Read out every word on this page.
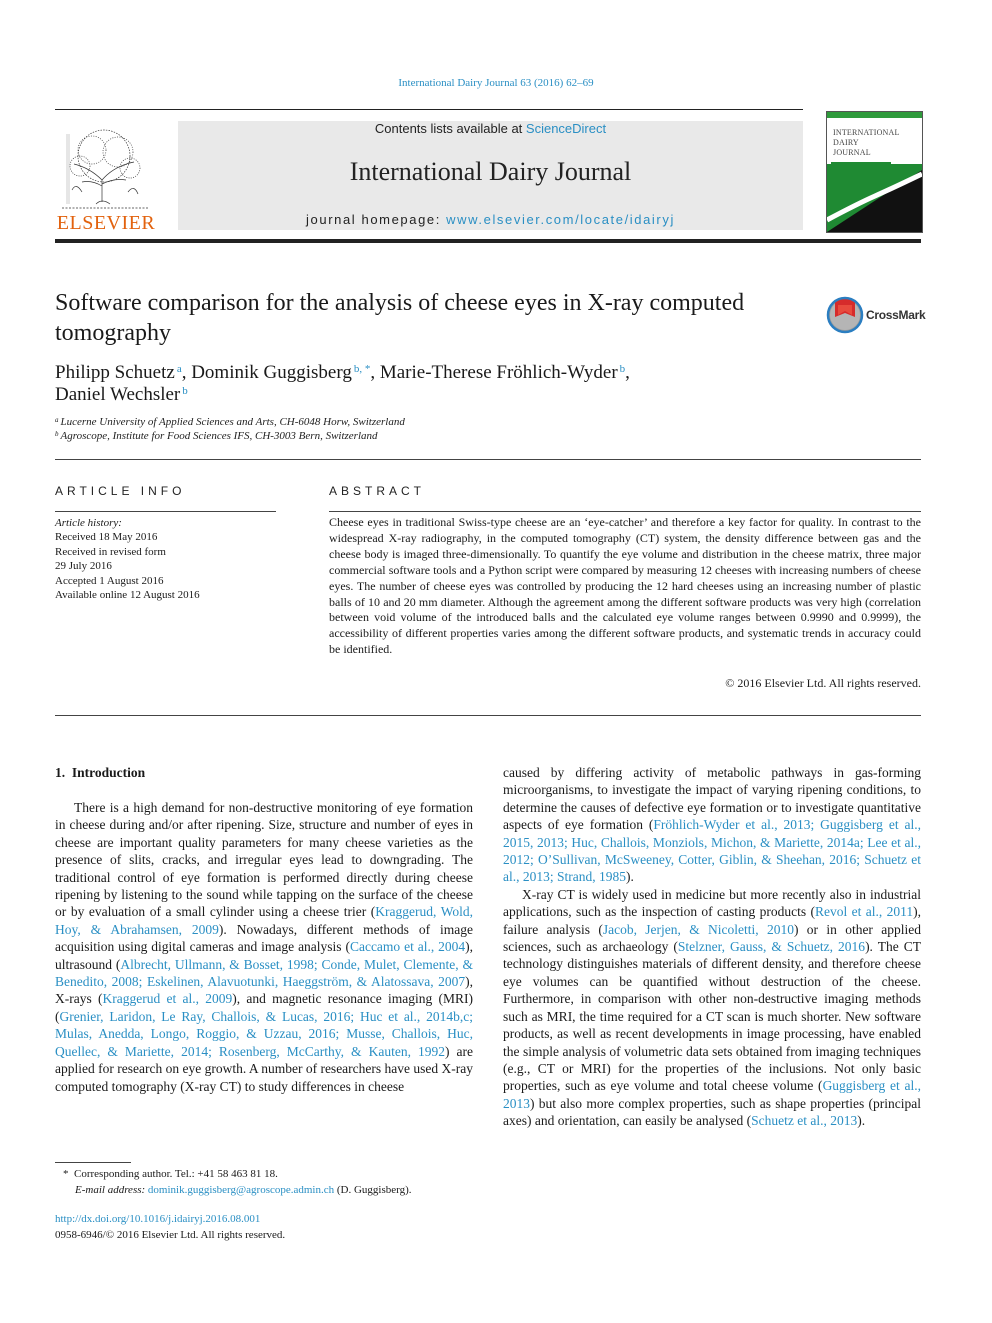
International Dairy Journal 63 (2016) 62–69
ELSEVIER
Contents lists available at ScienceDirect
International Dairy Journal
journal homepage: www.elsevier.com/locate/idairyj
INTERNATIONAL
DAIRY
JOURNAL
Software comparison for the analysis of cheese eyes in X-ray computed tomography
CrossMark
Philipp Schuetz $^a$, Dominik Guggisberg $^{b, *}$, Marie-Therese Fröhlich-Wyder $^b$,
Daniel Wechsler $^b$
$^a$ Lucerne University of Applied Sciences and Arts, CH-6048 Horw, Switzerland
$^b$ Agroscope, Institute for Food Sciences IFS, CH-3003 Bern, Switzerland
ARTICLE INFO
Article history:
Received 18 May 2016
Received in revised form
29 July 2016
Accepted 1 August 2016
Available online 12 August 2016
ABSTRACT
Cheese eyes in traditional Swiss-type cheese are an ‘eye-catcher’ and therefore a key factor for quality. In contrast to the widespread X-ray radiography, in the computed tomography (CT) system, the density difference between gas and the cheese body is imaged three-dimensionally. To quantify the eye volume and distribution in the cheese matrix, three major commercial software tools and a Python script were compared by measuring 12 cheeses with increasing numbers of cheese eyes. The number of cheese eyes was controlled by producing the 12 hard cheeses using an increasing number of plastic balls of 10 and 20 mm diameter. Although the agreement among the different software products was very high (correlation between void volume of the introduced balls and the calculated eye volume ranges between 0.9990 and 0.9999), the accessibility of different properties varies among the different software products, and systematic trends in accuracy could be identified.
© 2016 Elsevier Ltd. All rights reserved.
1. Introduction

There is a high demand for non-destructive monitoring of eye formation in cheese during and/or after ripening. Size, structure and number of eyes in cheese are important quality parameters for many cheese varieties as the presence of slits, cracks, and irregular eyes lead to downgrading. The traditional control of eye formation is performed directly during cheese ripening by listening to the sound while tapping on the surface of the cheese or by evaluation of a small cylinder using a cheese trier (Kraggerud, Wold, Hoy, & Abrahamsen, 2009). Nowadays, different methods of image acquisition using digital cameras and image analysis (Caccamo et al., 2004), ultrasound (Albrecht, Ullmann, & Bosset, 1998; Conde, Mulet, Clemente, & Benedito, 2008; Eskelinen, Alavuotunki, Haeggström, & Alatossava, 2007), X-rays (Kraggerud et al., 2009), and magnetic resonance imaging (MRI) (Grenier, Laridon, Le Ray, Challois, & Lucas, 2016; Huc et al., 2014b,c; Mulas, Anedda, Longo, Roggio, & Uzzau, 2016; Musse, Challois, Huc, Quellec, & Mariette, 2014; Rosenberg, McCarthy, & Kauten, 1992) are applied for research on eye growth. A number of researchers have used X-ray computed tomography (X-ray CT) to study differences in cheese

caused by differing activity of metabolic pathways in gas-forming microorganisms, to investigate the impact of varying ripening conditions, to determine the causes of defective eye formation or to investigate quantitative aspects of eye formation (Fröhlich-Wyder et al., 2013; Guggisberg et al., 2015, 2013; Huc, Challois, Monziols, Michon, & Mariette, 2014a; Lee et al., 2012; O’Sullivan, McSweeney, Cotter, Giblin, & Sheehan, 2016; Schuetz et al., 2013; Strand, 1985).

X-ray CT is widely used in medicine but more recently also in industrial applications, such as the inspection of casting products (Revol et al., 2011), failure analysis (Jacob, Jerjen, & Nicoletti, 2010) or in other applied sciences, such as archaeology (Stelzner, Gauss, & Schuetz, 2016). The CT technology distinguishes materials of different density, and therefore cheese eye volumes can be quantified without destruction of the cheese. Furthermore, in comparison with other non-destructive imaging methods such as MRI, the time required for a CT scan is much shorter. New software products, as well as recent developments in image processing, have enabled the simple analysis of volumetric data sets obtained from imaging techniques (e.g., CT or MRI) for the properties of the inclusions. Not only basic properties, such as eye volume and total cheese volume (Guggisberg et al., 2013) but also more complex properties, such as shape properties (principal axes) and orientation, can easily be analysed (Schuetz et al., 2013).

* Corresponding author. Tel.: +41 58 463 81 18.
E-mail address: dominik.guggisberg@agroscope.admin.ch (D. Guggisberg).
http://dx.doi.org/10.1016/j.idairyj.2016.08.001
0958-6946/© 2016 Elsevier Ltd. All rights reserved.
